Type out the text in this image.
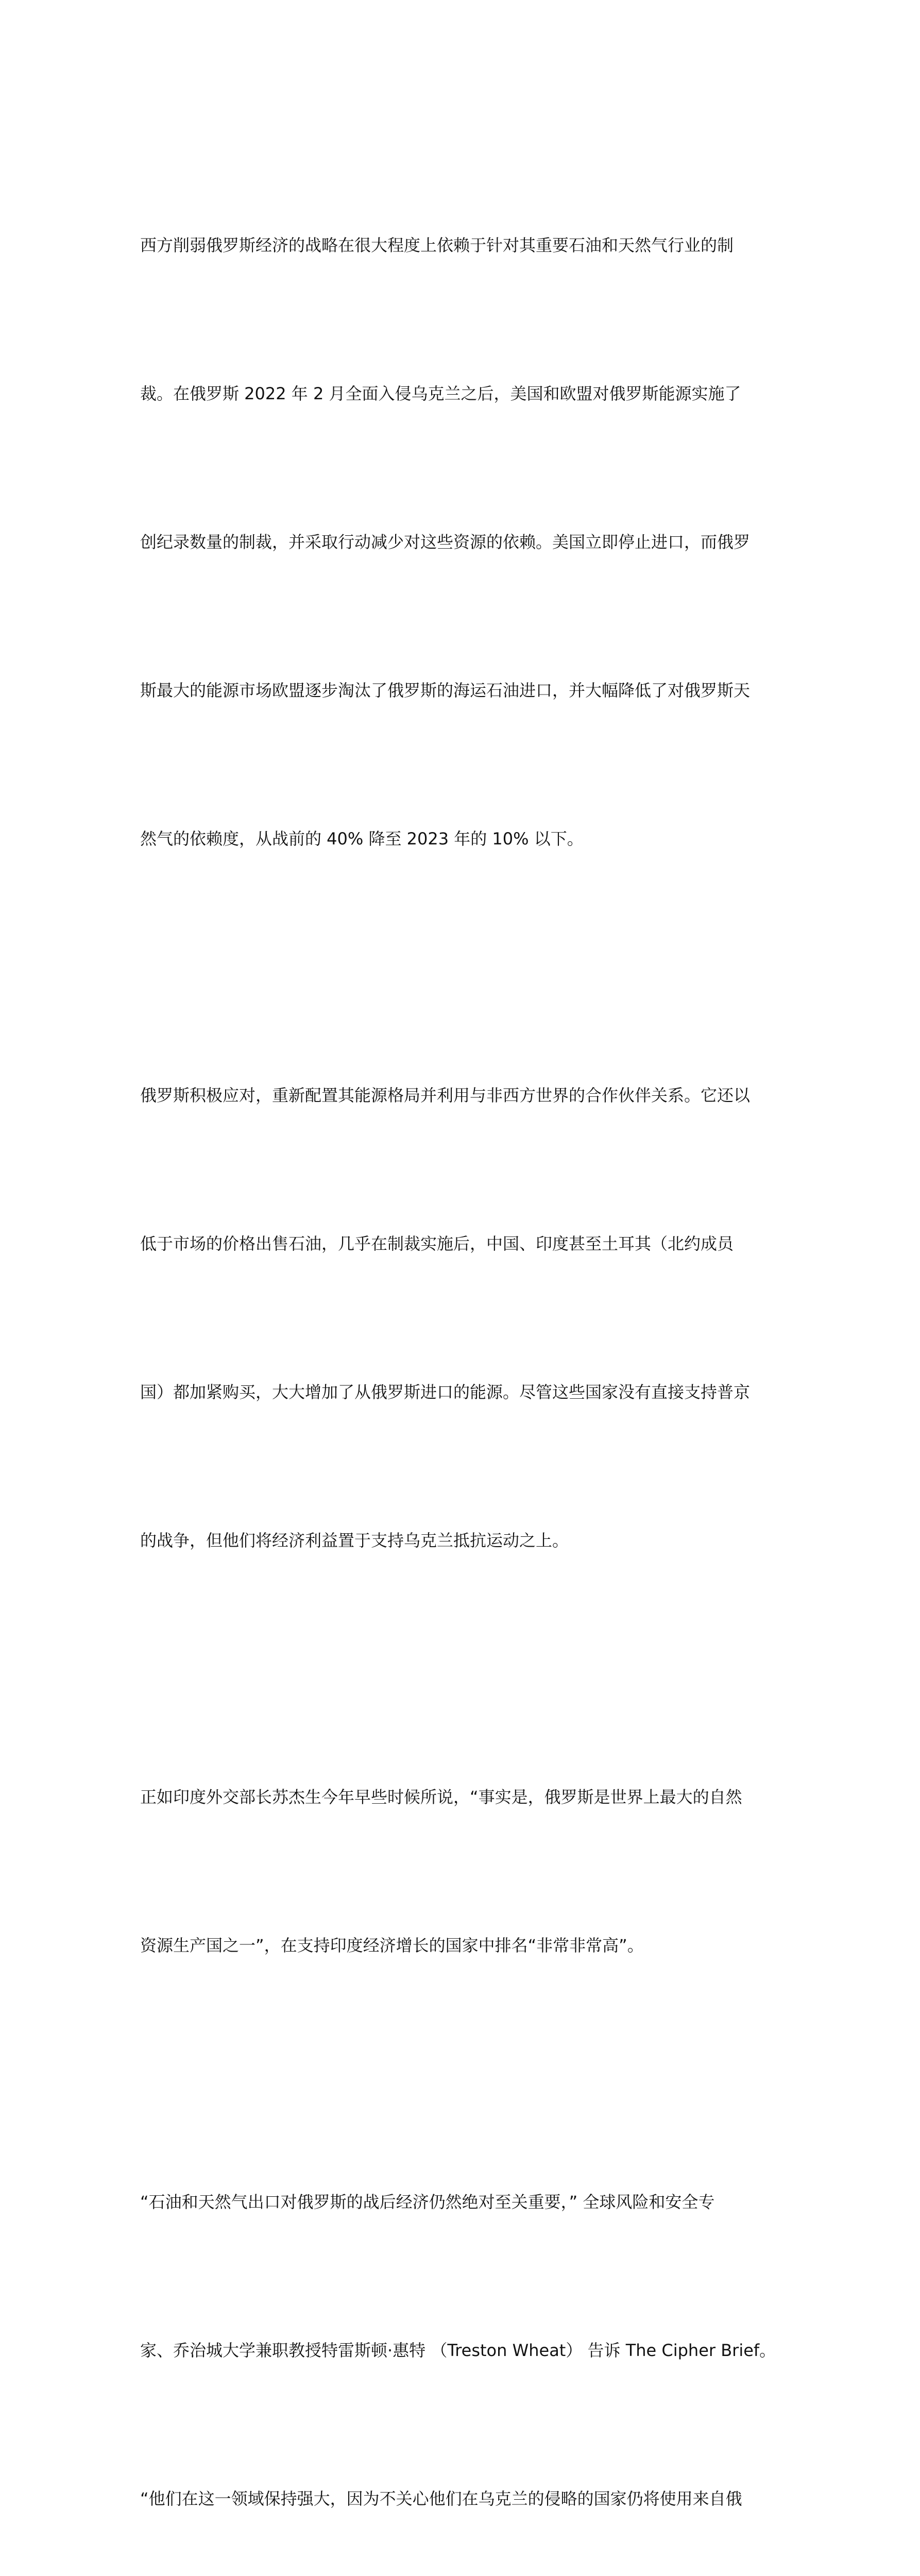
西方削弱俄罗斯经济的战略在很大程度上依赖于针对其重要石油和天然气行业的制

裁。在俄罗斯 2022 年 2 月全面入侵乌克兰之后，美国和欧盟对俄罗斯能源实施了

创纪录数量的制裁，并采取行动减少对这些资源的依赖。美国立即停止进口，而俄罗

斯最大的能源市场欧盟逐步淘汰了俄罗斯的海运石油进口，并大幅降低了对俄罗斯天

然气的依赖度，从战前的 40% 降至 2023 年的 10% 以下。

俄罗斯积极应对，重新配置其能源格局并利用与非西方世界的合作伙伴关系。它还以

低于市场的价格出售石油，几乎在制裁实施后，中国、印度甚至土耳其（北约成员

国）都加紧购买，大大增加了从俄罗斯进口的能源。尽管这些国家没有直接支持普京

的战争，但他们将经济利益置于支持乌克兰抵抗运动之上。

正如印度外交部长苏杰生今年早些时候所说，“事实是，俄罗斯是世界上最大的自然

资源生产国之一”，在支持印度经济增长的国家中排名“非常非常高”。

“石油和天然气出口对俄罗斯的战后经济仍然绝对至关重要，” 全球风险和安全专

家、乔治城大学兼职教授特雷斯顿·惠特 （Treston Wheat） 告诉 The Cipher Brief。

“他们在这一领域保持强大，因为不关心他们在乌克兰的侵略的国家仍将使用来自俄
